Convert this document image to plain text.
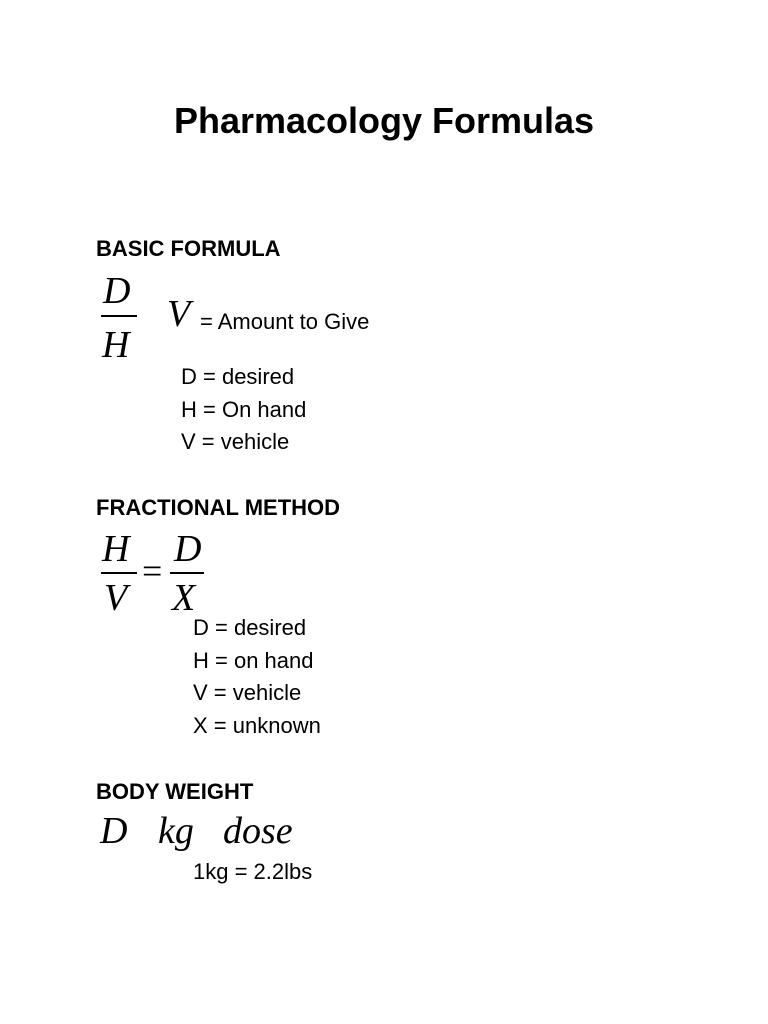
Pharmacology Formulas
BASIC FORMULA
D
H
V = Amount to Give
D = desired
H = On hand
V = vehicle
FRACTIONAL METHOD
H
V
=
D
X
D = desired
H = on hand
V = vehicle
X = unknown
BODY WEIGHT
D kg dose
1kg = 2.2lbs
